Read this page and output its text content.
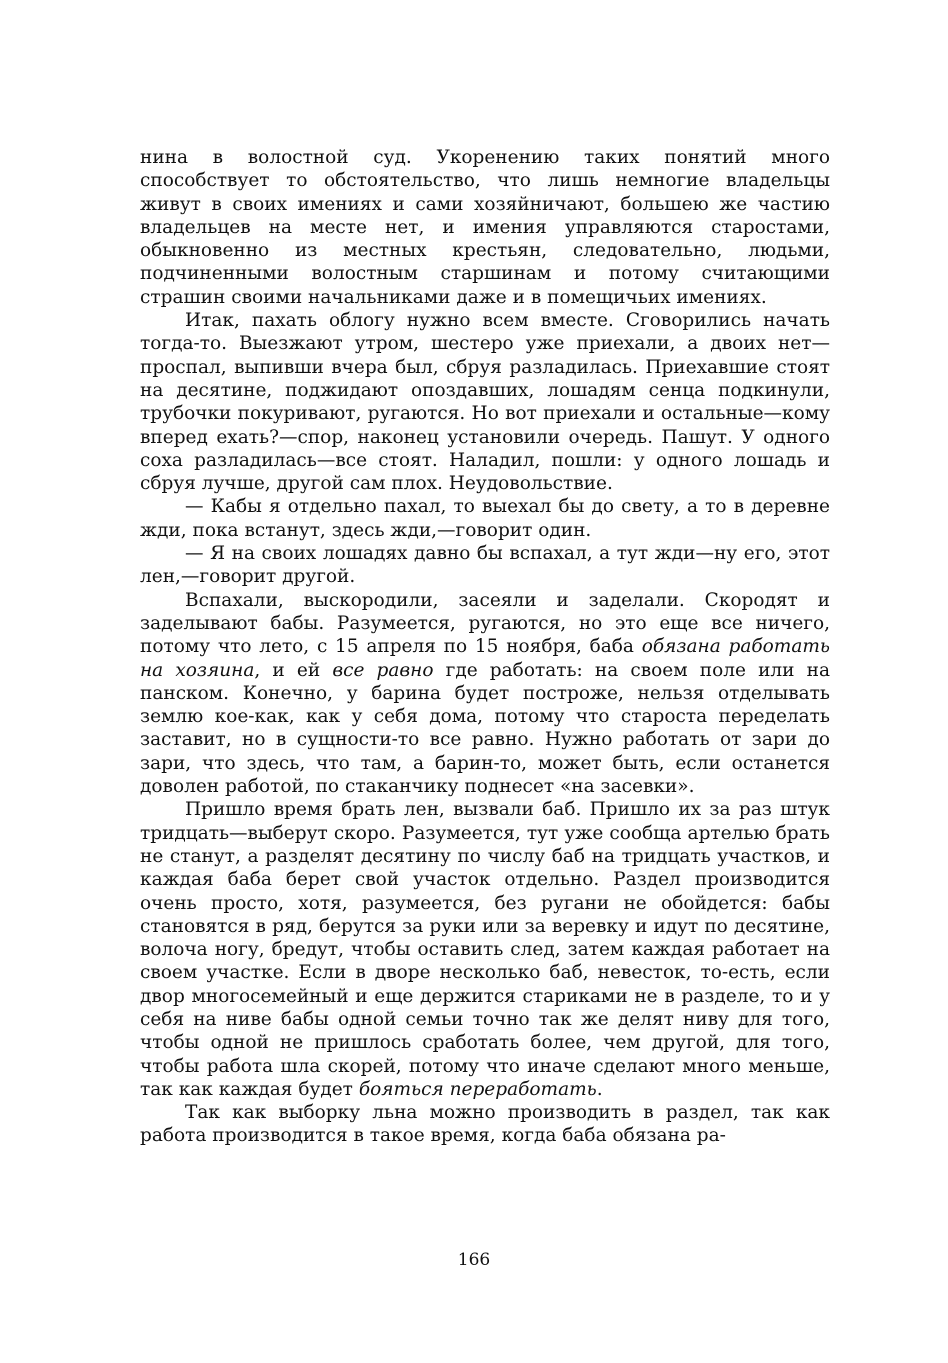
нина в волостной суд. Укоренению таких понятий много способствует то обстоятельство, что лишь немногие владельцы живут в своих имениях и сами хозяйничают, большею же частию владельцев на месте нет, и имения управляются старостами, обыкновенно из местных крестьян, следовательно, людьми, подчиненными волостным старшинам и потому считающими страшин своими начальниками даже и в помещичьих имениях.

Итак, пахать облогу нужно всем вместе. Сговорились начать тогда-то. Выезжают утром, шестеро уже приехали, а двоих нет—проспал, выпивши вчера был, сбруя разладилась. Приехавшие стоят на десятине, поджидают опоздавших, лошадям сенца подкинули, трубочки покуривают, ругаются. Но вот приехали и остальные—кому вперед ехать?—спор, наконец установили очередь. Пашут. У одного соха разладилась—все стоят. Наладил, пошли: у одного лошадь и сбруя лучше, другой сам плох. Неудовольствие.

— Кабы я отдельно пахал, то выехал бы до свету, а то в деревне жди, пока встанут, здесь жди,—говорит один.

— Я на своих лошадях давно бы вспахал, а тут жди—ну его, этот лен,—говорит другой.

Вспахали, выскородили, засеяли и заделали. Скородят и заделывают бабы. Разумеется, ругаются, но это еще все ничего, потому что лето, с 15 апреля по 15 ноября, баба обязана работать на хозяина, и ей все равно где работать: на своем поле или на панском. Конечно, у барина будет построже, нельзя отделывать землю кое-как, как у себя дома, потому что староста переделать заставит, но в сущности-то все равно. Нужно работать от зари до зари, что здесь, что там, а барин-то, может быть, если останется доволен работой, по стаканчику поднесет «на засевки».

Пришло время брать лен, вызвали баб. Пришло их за раз штук тридцать—выберут скоро. Разумеется, тут уже сообща артелью брать не станут, а разделят десятину по числу баб на тридцать участков, и каждая баба берет свой участок отдельно. Раздел производится очень просто, хотя, разумеется, без ругани не обойдется: бабы становятся в ряд, берутся за руки или за веревку и идут по десятине, волоча ногу, бредут, чтобы оставить след, затем каждая работает на своем участке. Если в дворе несколько баб, невесток, то-есть, если двор многосемейный и еще держится стариками не в разделе, то и у себя на ниве бабы одной семьи точно так же делят ниву для того, чтобы одной не пришлось сработать более, чем другой, для того, чтобы работа шла скорей, потому что иначе сделают много меньше, так как каждая будет бояться переработать.

Так как выборку льна можно производить в раздел, так как работа производится в такое время, когда баба обязана ра-

166
